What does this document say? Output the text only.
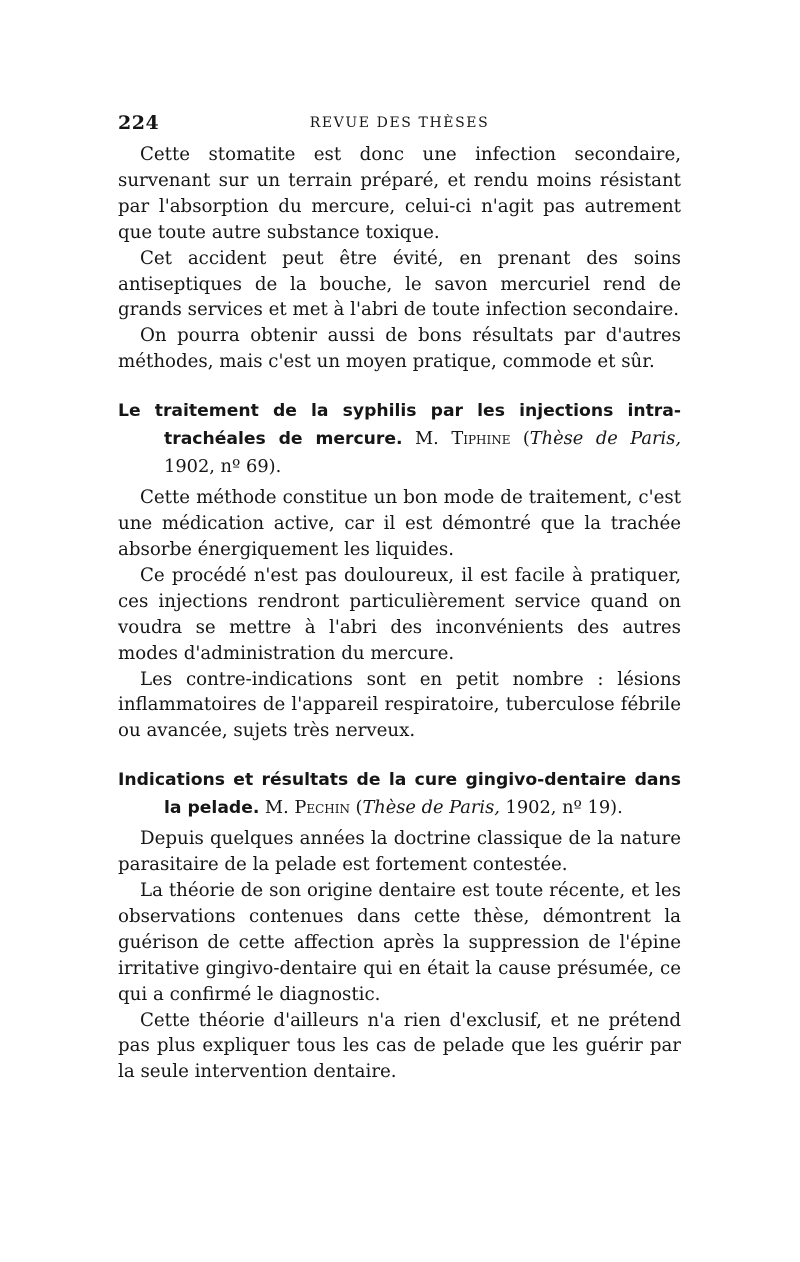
224	REVUE DES THÈSES

Cette stomatite est donc une infection secondaire, survenant sur un terrain préparé, et rendu moins résistant par l'absorption du mercure, celui-ci n'agit pas autrement que toute autre substance toxique.

Cet accident peut être évité, en prenant des soins antiseptiques de la bouche, le savon mercuriel rend de grands services et met à l'abri de toute infection secondaire.

On pourra obtenir aussi de bons résultats par d'autres méthodes, mais c'est un moyen pratique, commode et sûr.

Le traitement de la syphilis par les injections intra-trachéales de mercure. M. Tiphine (Thèse de Paris, 1902, nº 69).

Cette méthode constitue un bon mode de traitement, c'est une médication active, car il est démontré que la trachée absorbe énergiquement les liquides.

Ce procédé n'est pas douloureux, il est facile à pratiquer, ces injections rendront particulièrement service quand on voudra se mettre à l'abri des inconvénients des autres modes d'administration du mercure.

Les contre-indications sont en petit nombre : lésions inflammatoires de l'appareil respiratoire, tuberculose fébrile ou avancée, sujets très nerveux.

Indications et résultats de la cure gingivo-dentaire dans la pelade. M. Pechin (Thèse de Paris, 1902, nº 19).

Depuis quelques années la doctrine classique de la nature parasitaire de la pelade est fortement contestée.

La théorie de son origine dentaire est toute récente, et les observations contenues dans cette thèse, démontrent la guérison de cette affection après la suppression de l'épine irritative gingivo-dentaire qui en était la cause présumée, ce qui a confirmé le diagnostic.

Cette théorie d'ailleurs n'a rien d'exclusif, et ne prétend pas plus expliquer tous les cas de pelade que les guérir par la seule intervention dentaire.
